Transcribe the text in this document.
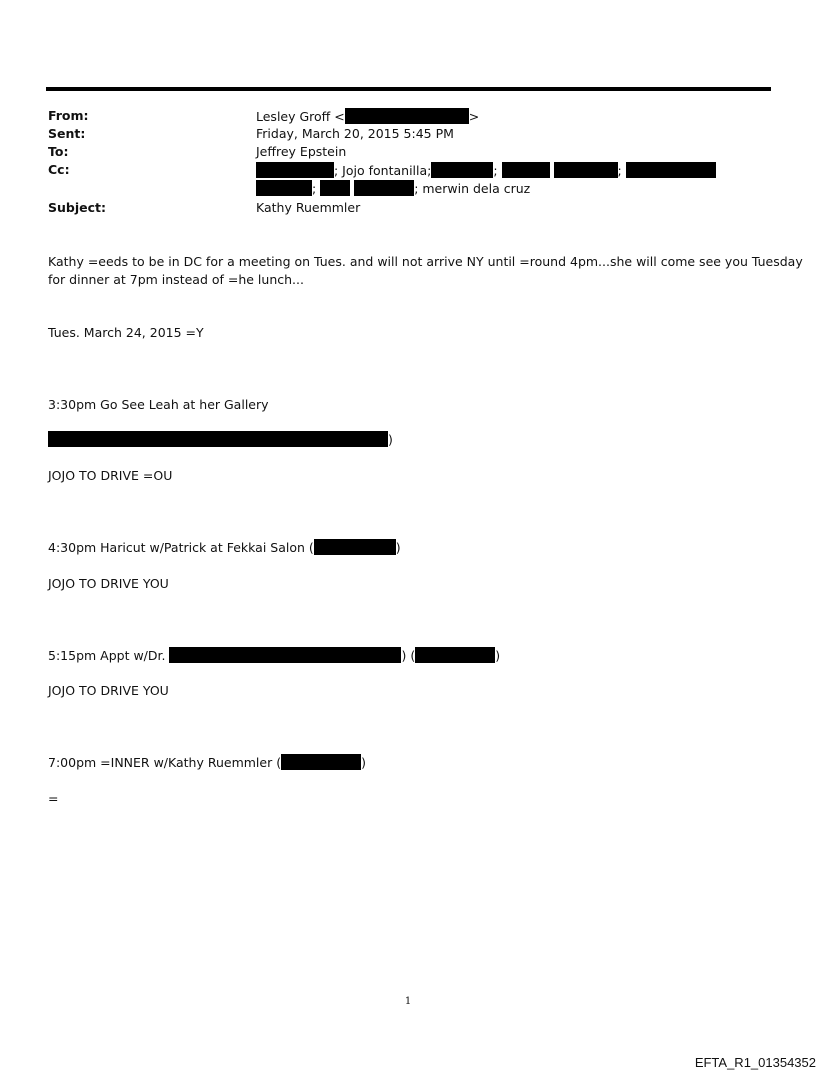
From:	Lesley Groff <	>
Sent:	Friday, March 20, 2015 5:45 PM
To:	Jeffrey Epstein
Cc:	; Jojo fontanilla;	;	;
;	; merwin dela cruz
Subject:	Kathy Ruemmler
Kathy =eeds to be in DC for a meeting on Tues. and will not arrive NY until =round 4pm...she will come see you Tuesday
for dinner at 7pm instead of =he lunch...
Tues. March 24, 2015 =Y
3:30pm Go See Leah at her Gallery
)
JOJO TO DRIVE =OU
4:30pm Haricut w/Patrick at Fekkai Salon (	)
JOJO TO DRIVE YOU
5:15pm Appt w/Dr.	) (	)
JOJO TO DRIVE YOU
7:00pm =INNER w/Kathy Ruemmler (	)
=
1
EFTA_R1_01354352
